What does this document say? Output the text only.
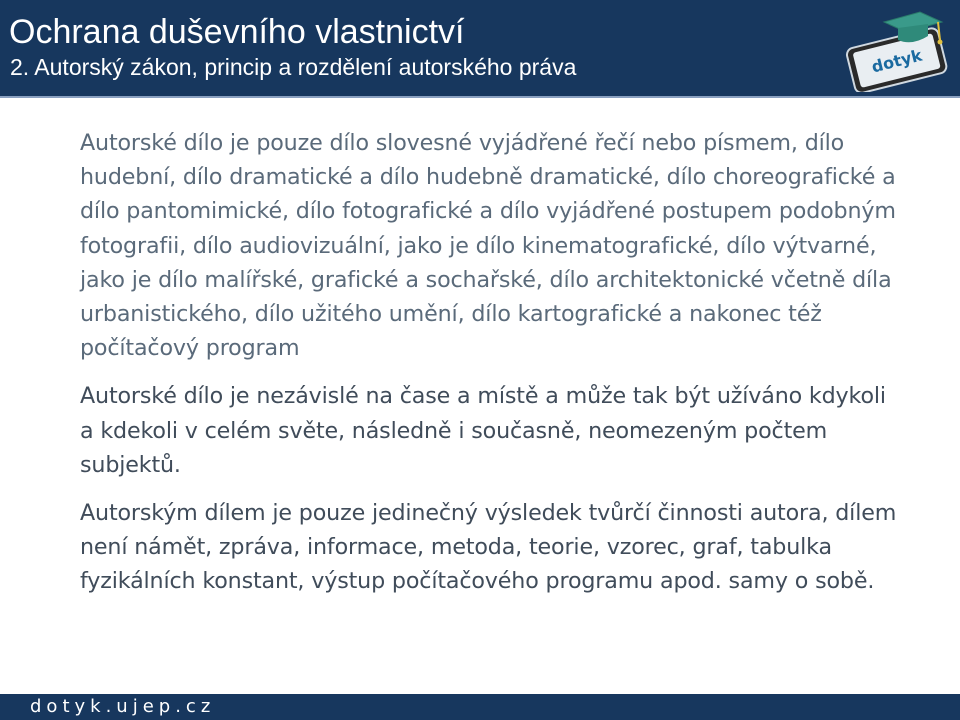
Ochrana duševního vlastnictví
2. Autorský zákon, princip a rozdělení autorského práva	dotyk

Autorské dílo je pouze dílo slovesné vyjádřené řečí nebo písmem, dílo hudební, dílo dramatické a dílo hudebně dramatické, dílo choreografické a dílo pantomimické, dílo fotografické a dílo vyjádřené postupem podobným fotografii, dílo audiovizuální, jako je dílo kinematografické, dílo výtvarné, jako je dílo malířské, grafické a sochařské, dílo architektonické včetně díla urbanistického, dílo užitého umění, dílo kartografické a nakonec též počítačový program

Autorské dílo je nezávislé na čase a místě a může tak být užíváno kdykoli a kdekoli v celém světe, následně i současně, neomezeným počtem subjektů.

Autorským dílem je pouze jedinečný výsledek tvůrčí činnosti autora, dílem není námět, zpráva, informace, metoda, teorie, vzorec, graf, tabulka fyzikálních konstant, výstup počítačového programu apod. samy o sobě.

dotyk.ujep.cz
